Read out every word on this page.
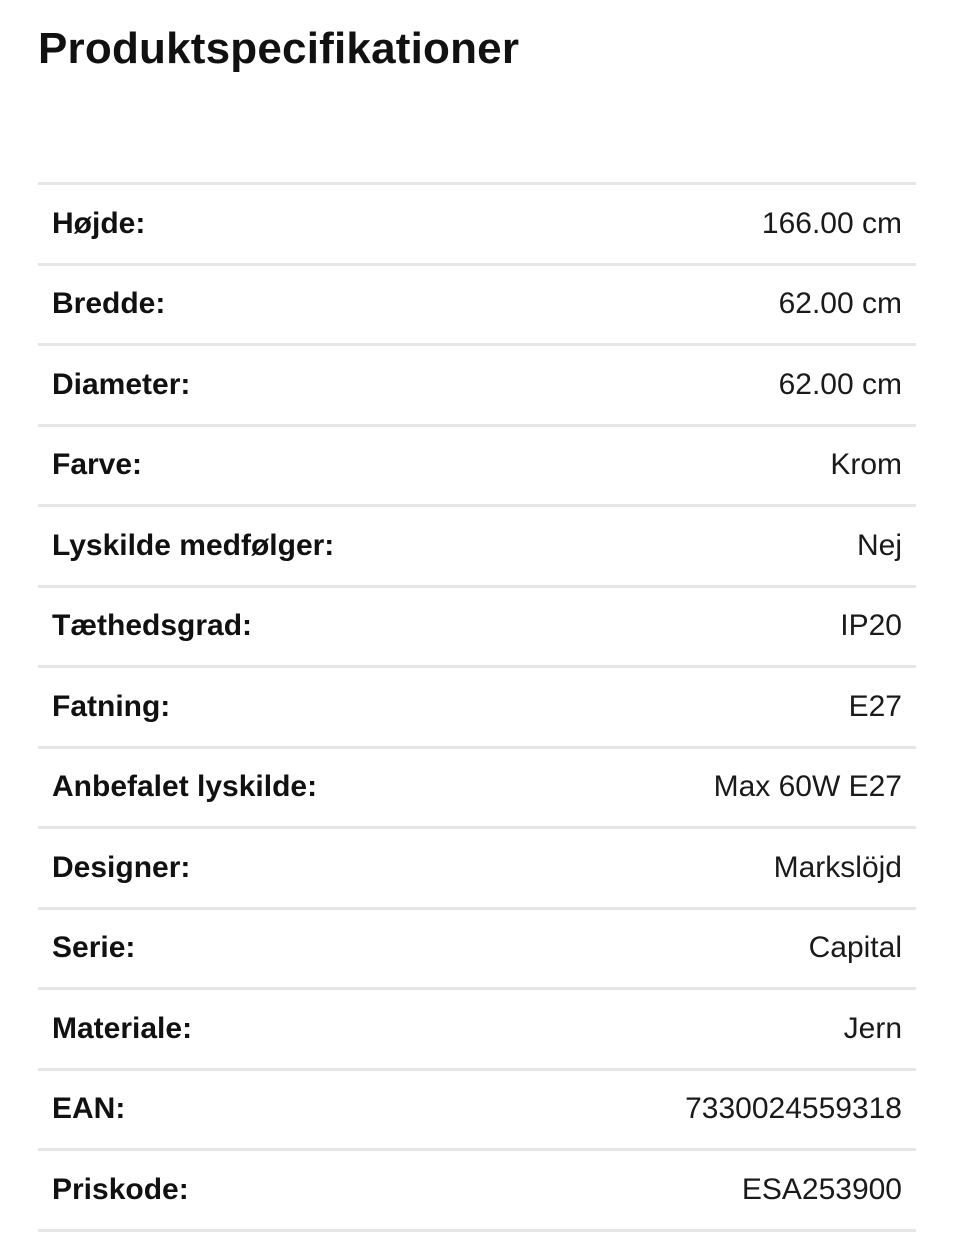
Produktspecifikationer
Højde:	166.00 cm
Bredde:	62.00 cm
Diameter:	62.00 cm
Farve:	Krom
Lyskilde medfølger:	Nej
Tæthedsgrad:	IP20
Fatning:	E27
Anbefalet lyskilde:	Max 60W E27
Designer:	Markslöjd
Serie:	Capital
Materiale:	Jern
EAN:	7330024559318
Priskode:	ESA253900
